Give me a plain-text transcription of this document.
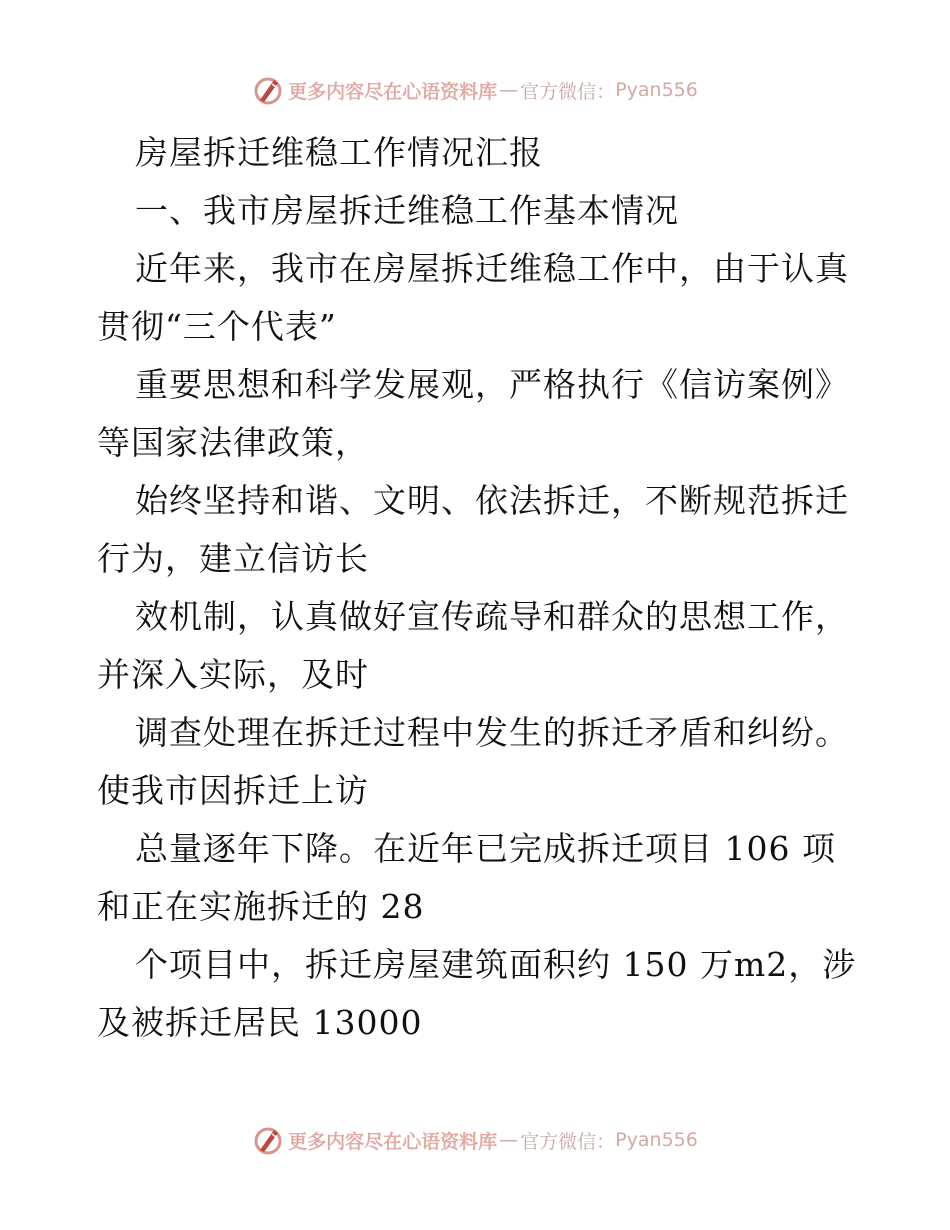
更多内容尽在心语资料库 — 官方微信： Pyan556
房屋拆迁维稳工作情况汇报
一、我市房屋拆迁维稳工作基本情况
近年来，我市在房屋拆迁维稳工作中，由于认真
贯彻“三个代表”
重要思想和科学发展观，严格执行《信访案例》
等国家法律政策，
始终坚持和谐、文明、依法拆迁，不断规范拆迁
行为，建立信访长
效机制，认真做好宣传疏导和群众的思想工作，
并深入实际，及时
调查处理在拆迁过程中发生的拆迁矛盾和纠纷。
使我市因拆迁上访
总量逐年下降。在近年已完成拆迁项目 106 项
和正在实施拆迁的 28
个项目中，拆迁房屋建筑面积约 150 万m2，涉
及被拆迁居民 13000
更多内容尽在心语资料库 — 官方微信： Pyan556
